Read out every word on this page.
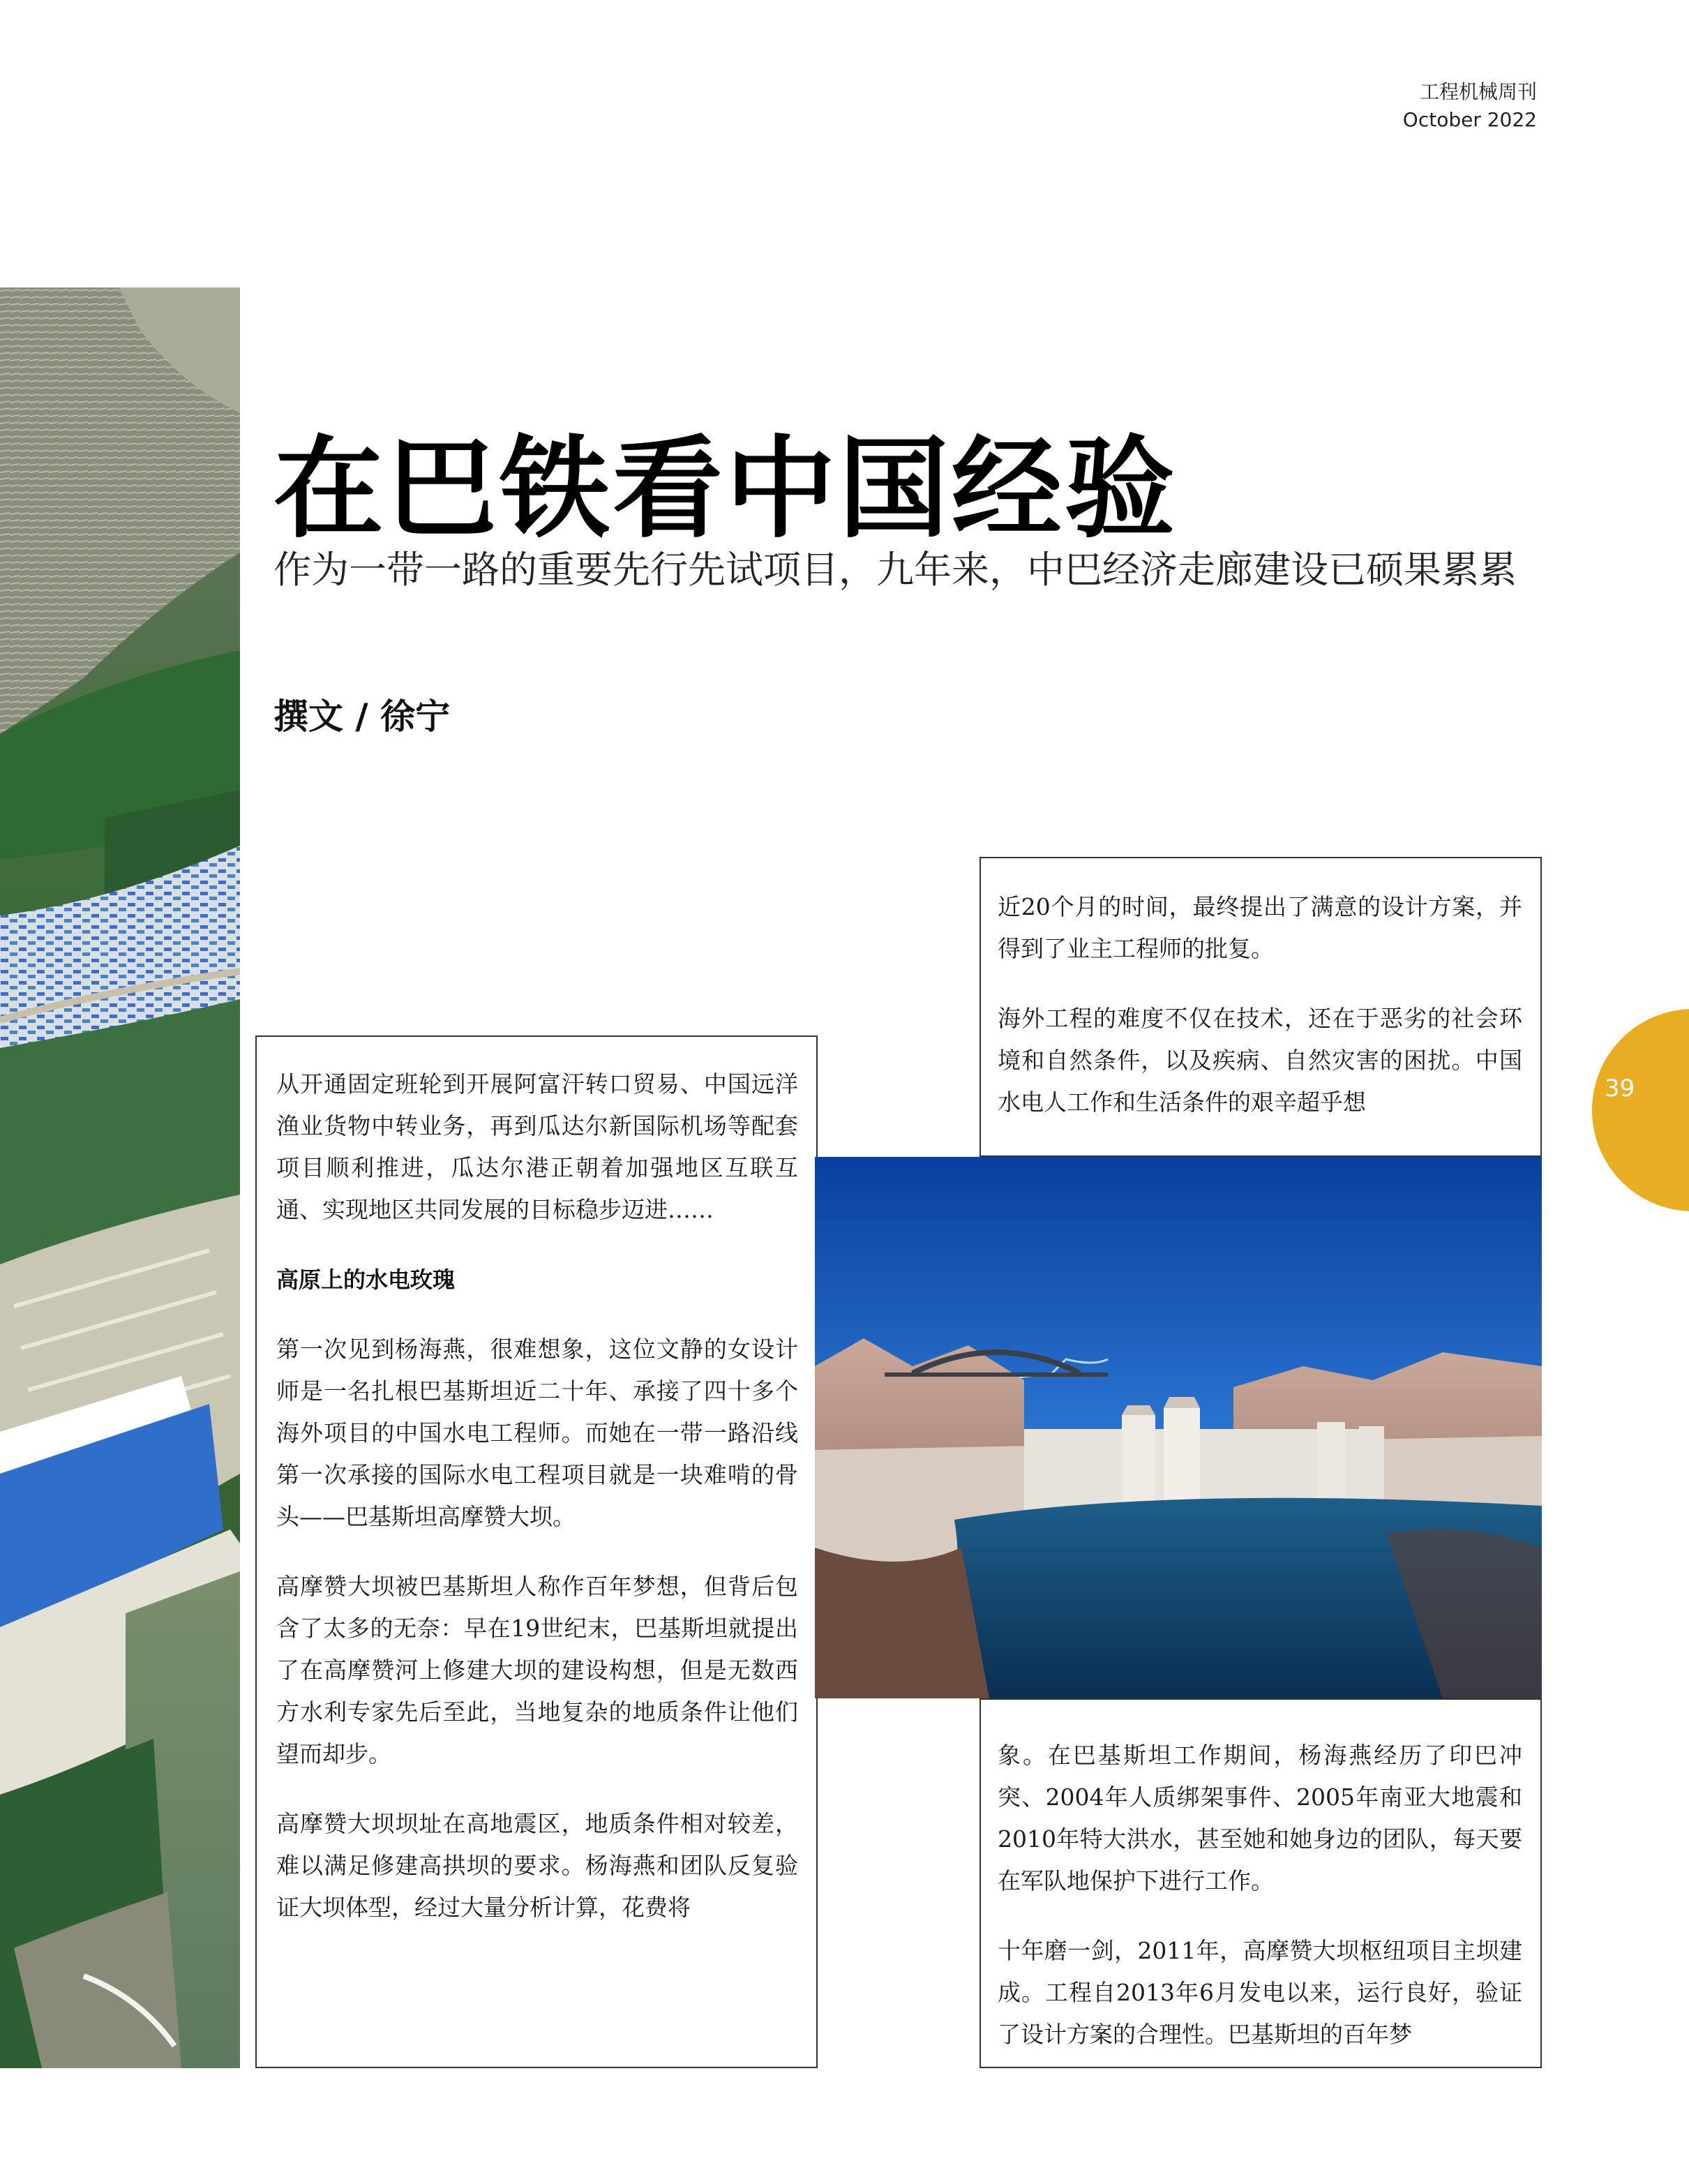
工程机械周刊
October 2022
在巴铁看中国经验
作为一带一路的重要先行先试项目，九年来，中巴经济走廊建设已硕果累累
撰文 / 徐宁

从开通固定班轮到开展阿富汗转口贸易、中国远洋渔业货物中转业务，再到瓜达尔新国际机场等配套项目顺利推进，瓜达尔港正朝着加强地区互联互通、实现地区共同发展的目标稳步迈进……

高原上的水电玫瑰

第一次见到杨海燕，很难想象，这位文静的女设计师是一名扎根巴基斯坦近二十年、承接了四十多个海外项目的中国水电工程师。而她在一带一路沿线第一次承接的国际水电工程项目就是一块难啃的骨头——巴基斯坦高摩赞大坝。

高摩赞大坝被巴基斯坦人称作百年梦想，但背后包含了太多的无奈：早在19世纪末，巴基斯坦就提出了在高摩赞河上修建大坝的建设构想，但是无数西方水利专家先后至此，当地复杂的地质条件让他们望而却步。

高摩赞大坝坝址在高地震区，地质条件相对较差，难以满足修建高拱坝的要求。杨海燕和团队反复验证大坝体型，经过大量分析计算，花费将

近20个月的时间，最终提出了满意的设计方案，并得到了业主工程师的批复。

海外工程的难度不仅在技术，还在于恶劣的社会环境和自然条件，以及疾病、自然灾害的困扰。中国水电人工作和生活条件的艰辛超乎想

象。在巴基斯坦工作期间，杨海燕经历了印巴冲突、2004年人质绑架事件、2005年南亚大地震和2010年特大洪水，甚至她和她身边的团队，每天要在军队地保护下进行工作。

十年磨一剑，2011年，高摩赞大坝枢纽项目主坝建成。工程自2013年6月发电以来，运行良好，验证了设计方案的合理性。巴基斯坦的百年梦

39
